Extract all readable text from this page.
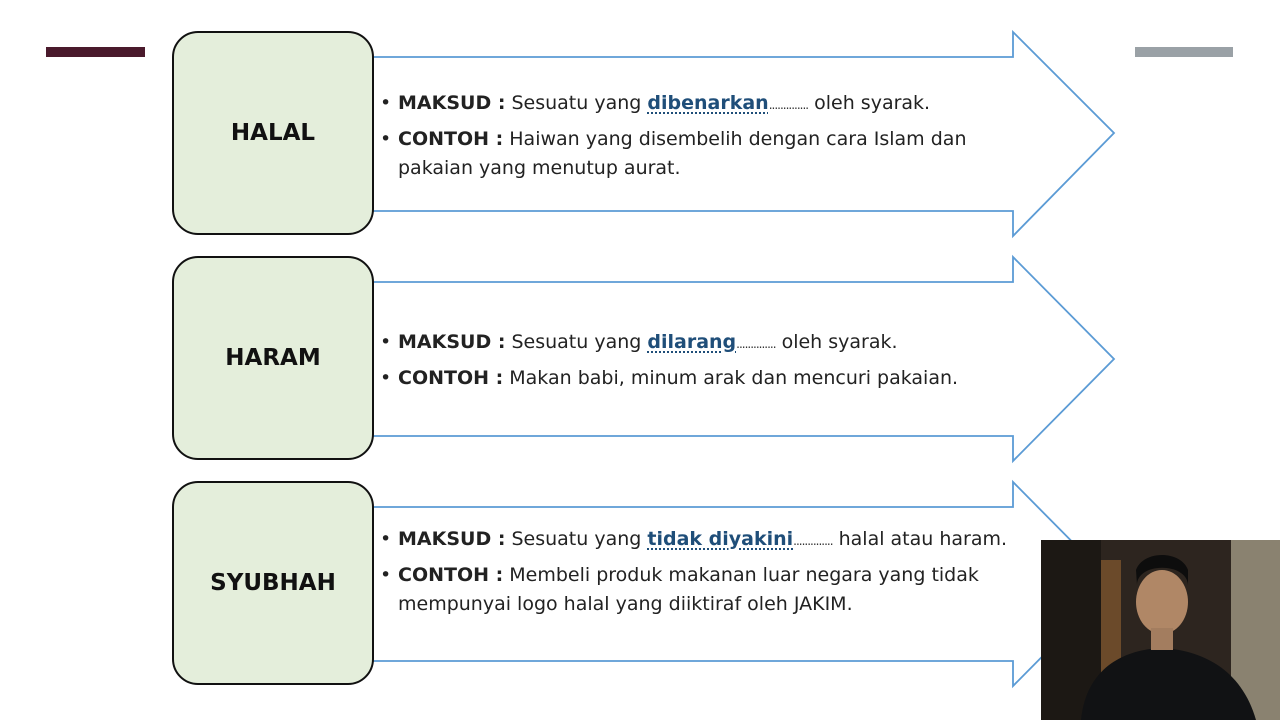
HALAL
HARAM
SYUBHAH
• MAKSUD : Sesuatu yang dibenarkan.............. oleh syarak.
• CONTOH : Haiwan yang disembelih dengan cara Islam dan pakaian yang menutup aurat.
• MAKSUD : Sesuatu yang dilarang.............. oleh syarak.
• CONTOH : Makan babi, minum arak dan mencuri pakaian.
• MAKSUD : Sesuatu yang tidak diyakini.............. halal atau haram.
• CONTOH : Membeli produk makanan luar negara yang tidak mempunyai logo halal yang diiktiraf oleh JAKIM.
